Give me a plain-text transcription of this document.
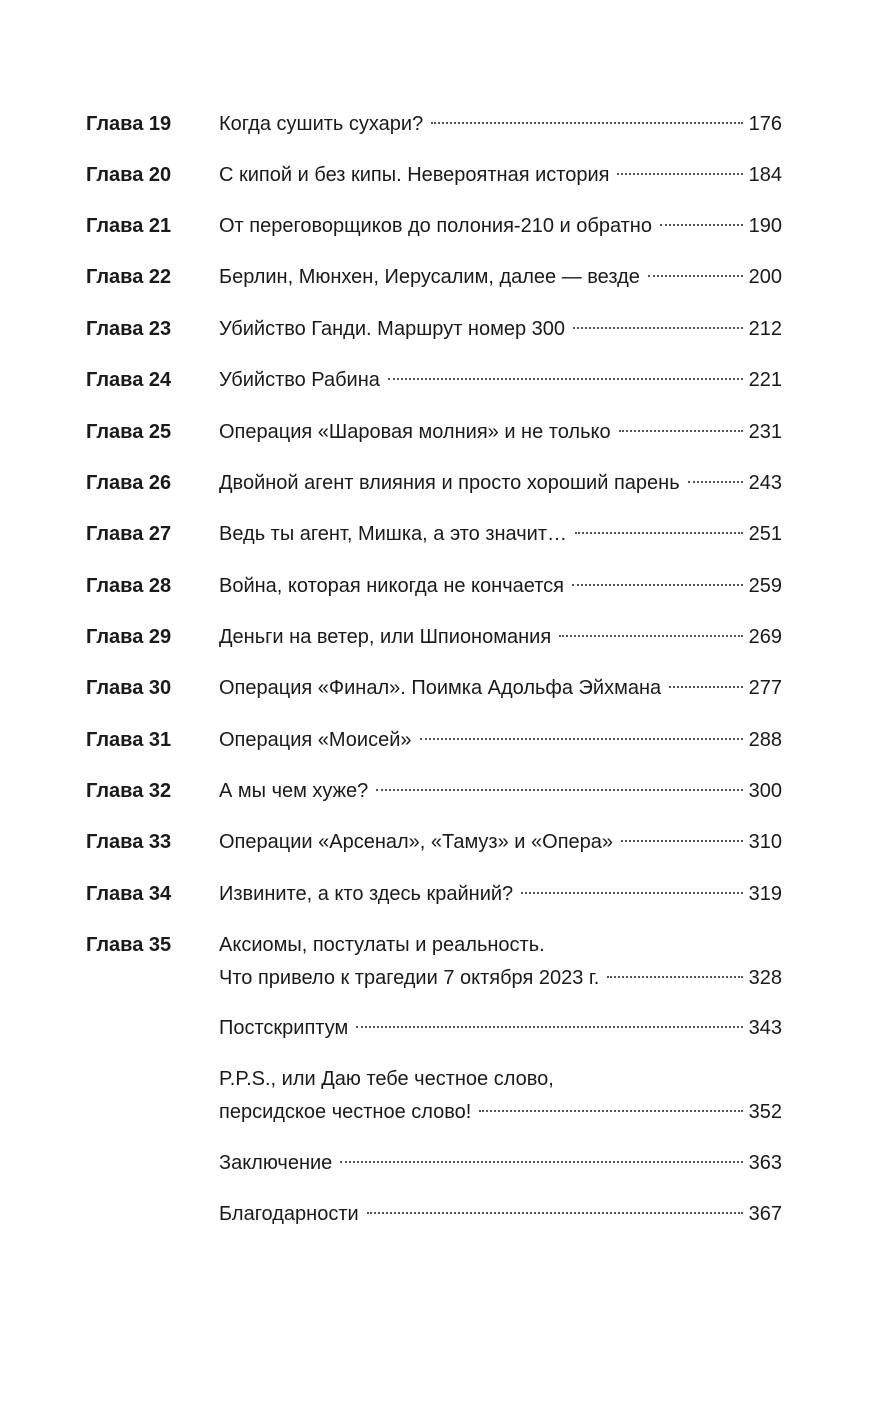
Глава 19 Когда сушить сухари?	176
Глава 20 С кипой и без кипы. Невероятная история	184
Глава 21 От переговорщиков до полония-210 и обратно	190
Глава 22 Берлин, Мюнхен, Иерусалим, далее — везде	200
Глава 23 Убийство Ганди. Маршрут номер 300	212
Глава 24 Убийство Рабина	221
Глава 25 Операция «Шаровая молния» и не только	231
Глава 26 Двойной агент влияния и просто хороший парень	243
Глава 27 Ведь ты агент, Мишка, а это значит…	251
Глава 28 Война, которая никогда не кончается	259
Глава 29 Деньги на ветер, или Шпиономания	269
Глава 30 Операция «Финал». Поимка Адольфа Эйхмана	277
Глава 31 Операция «Моисей»	288
Глава 32 А мы чем хуже?	300
Глава 33 Операции «Арсенал», «Тамуз» и «Опера»	310
Глава 34 Извините, а кто здесь крайний?	319
Глава 35 Аксиомы, постулаты и реальность.
Что привело к трагедии 7 октября 2023 г.	328
Постскриптум	343
P.P.S., или Даю тебе честное слово,
персидское честное слово!	352
Заключение	363
Благодарности	367
